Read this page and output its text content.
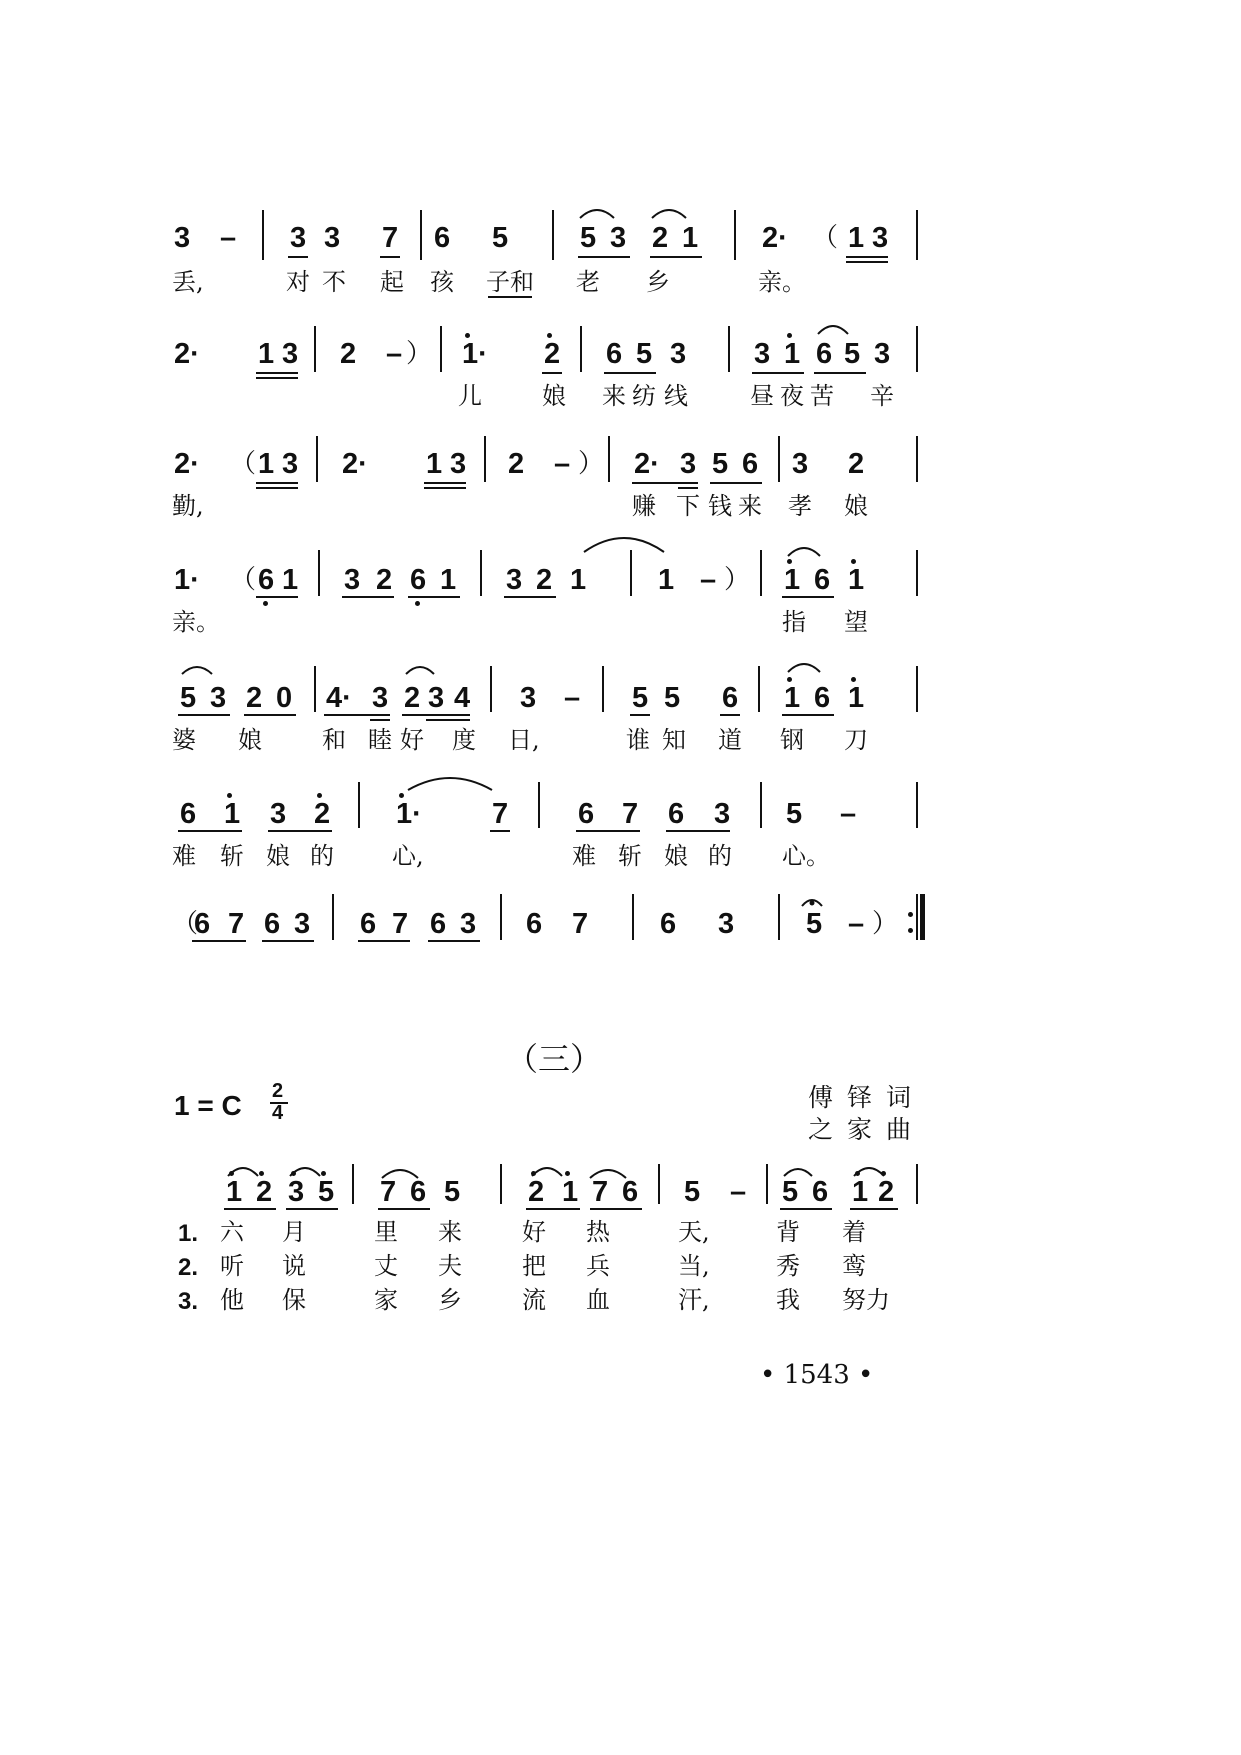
3 – 3 3 7 6 5 5 3 2 1 2· （ 1 3
丢,	对 不 起 孩 子和 老 乡	亲。
2· 1 3 2 – ） 1· 2 6 5 3 3 1 6 5 3
儿	娘 来 纺 线	昼 夜 苦 辛
2· （ 1 3 2· 1 3 2 – ） 2· 3 5 6 3 2
勤,	赚 下 钱 来 孝 娘
1· （ 6 1 3 2 6 1 3 2 1 1 – ） 1 6 1
亲。	指 望
5 3 2 0 4· 3 2 3 4 3 – 5 5 6 1 6 1
婆 娘	和 睦 好 度 日,	谁 知 道 钢 刀
6 1 3 2 1· 7 6 7 6 3 5 –
难 斩 娘 的 心,	难 斩 娘 的 心。
（
6 7 6 3 6 7 6 3 6 7 6 3 5 – ）
（三）
1 = C 2
4
傅铎词
之家曲
1 2 3 5 7 6 5 2 1 7 6 5 – 5 6 1 2
1. 六 月	里 来	好 热	天,	背 着
2. 听 说	丈 夫	把 兵	当,	秀 鸾
3. 他 保	家 乡	流 血	汗,	我 努力
• 1543 •
